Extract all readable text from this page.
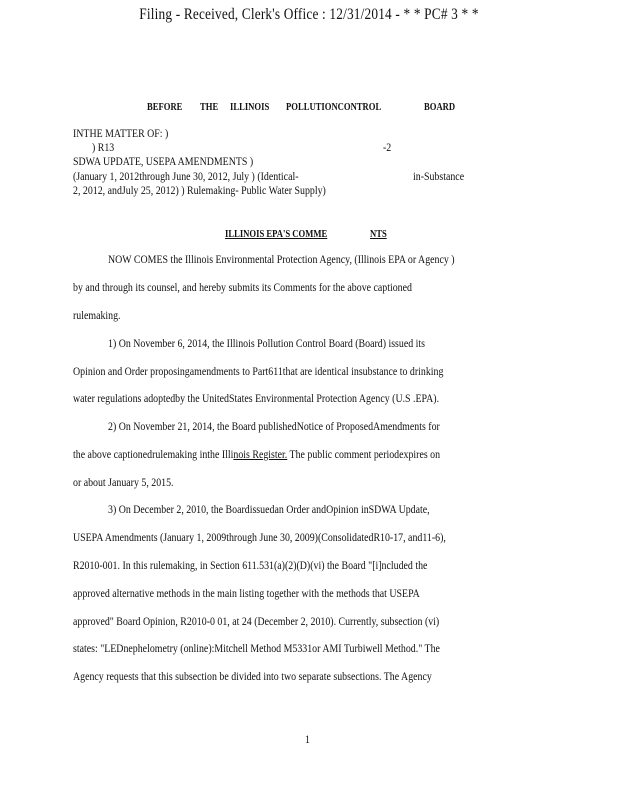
Filing - Received, Clerk's Office : 12/31/2014 - * * PC# 3 * *
BEFORE THE ILLINOIS POLLUTIONCONTROL	BOARD
INTHE MATTER OF: )
) R13	-2
SDWA UPDATE, USEPA AMENDMENTS )
(January 1, 2012through June 30, 2012, July ) (Identical-	in-Substance
2, 2012, andJuly 25, 2012) ) Rulemaking- Public Water Supply)
ILLINOIS EPA'S COMME	NTS
NOW COMES the Illinois Environmental Protection Agency, (Illinois EPA or Agency )
by and through its counsel, and hereby submits its Comments for the above captioned
rulemaking.
1) On November 6, 2014, the Illinois Pollution Control Board (Board) issued its
Opinion and Order proposingamendments to Part611that are identical insubstance to drinking
water regulations adoptedby the UnitedStates Environmental Protection Agency (U.S .EPA).
2) On November 21, 2014, the Board publishedNotice of ProposedAmendments for
the above captionedrulemaking inthe Illinois Register. The public comment periodexpires on
or about January 5, 2015.
3) On December 2, 2010, the Boardissuedan Order andOpinion inSDWA Update,
USEPA Amendments (January 1, 2009through June 30, 2009)(ConsolidatedR10-17, and11-6),
R2010-001. In this rulemaking, in Section 611.531(a)(2)(D)(vi) the Board "[i]ncluded the
approved alternative methods in the main listing together with the methods that USEPA
approved" Board Opinion, R2010-0 01, at 24 (December 2, 2010). Currently, subsection (vi)
states: "LEDnephelometry (online):Mitchell Method M5331or AMI Turbiwell Method." The
Agency requests that this subsection be divided into two separate subsections. The Agency
1
